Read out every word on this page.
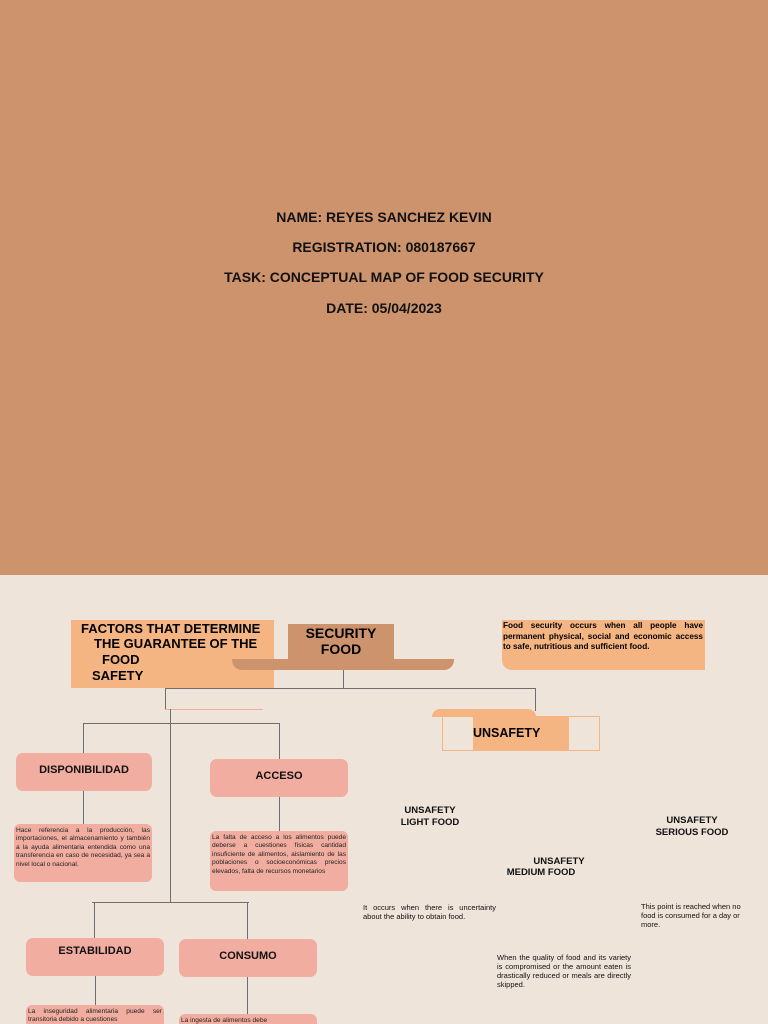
NAME: REYES SANCHEZ KEVIN
REGISTRATION: 080187667
TASK: CONCEPTUAL MAP OF FOOD SECURITY
DATE: 05/04/2023
FACTORS THAT DETERMINE
THE GUARANTEE OF THE
FOOD
SAFETY
SECURITY
FOOD
Food security occurs when all people have permanent physical, social and economic access to safe, nutritious and sufficient food.
UNSAFETY
DISPONIBILIDAD
Hace referencia a la producción, las importaciones, el almacenamiento y también a la ayuda alimentaria entendida como una transferencia en caso de necesidad, ya sea a nivel local o nacional.
ACCESO
La falta de acceso a los alimentos puede deberse a cuestiones físicas cantidad insuficiente de alimentos, aislamiento de las poblaciones o socioeconómicas precios elevados, falta de recursos monetarios
ESTABILIDAD
La inseguridad alimentaria puede ser transitoria debido a cuestiones
CONSUMO
La ingesta de alimentos debe
UNSAFETY
LIGHT FOOD
UNSAFETY
MEDIUM FOOD
UNSAFETY
SERIOUS FOOD
It occurs when there is uncertainty about the ability to obtain food.
When the quality of food and its variety is compromised or the amount eaten is drastically reduced or meals are directly skipped.
This point is reached when no food is consumed for a day or more.
